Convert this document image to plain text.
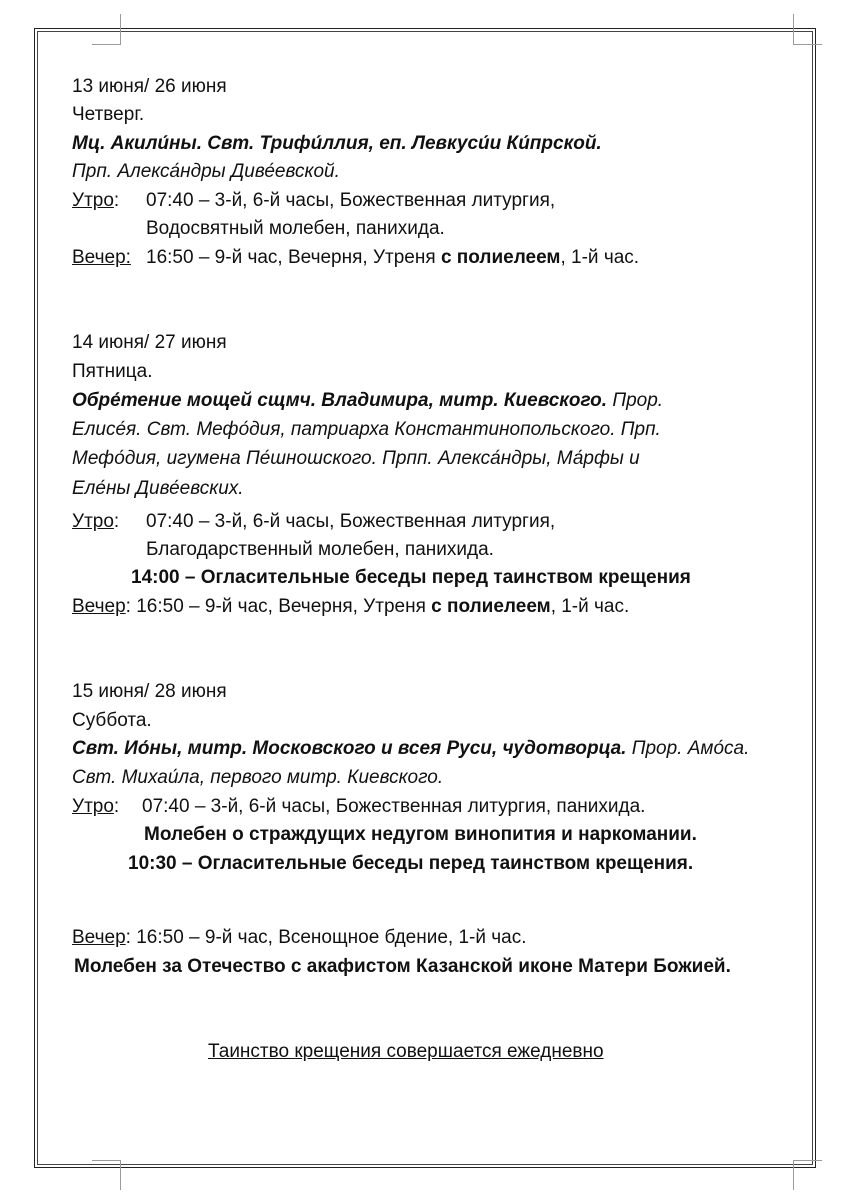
13 июня/ 26 июня
Четверг.
Мц. Акили́ны. Свт. Трифи́ллия, еп. Левкуси́и Ки́прской.
Прп. Алекса́ндры Диве́евской.
Утро: 07:40 – 3-й, 6-й часы, Божественная литургия,
Водосвятный молебен, панихида.
Вечер: 16:50 – 9-й час, Вечерня, Утреня с полиелеем, 1-й час.
14 июня/ 27 июня
Пятница.
Обре́тение мощей сщмч. Владимира, митр. Киевского. Прор.
Елисе́я. Свт. Мефо́дия, патриарха Константинопольского. Прп.
Мефо́дия, игумена Пе́шношского. Прпп. Алекса́ндры, Ма́рфы и
Еле́ны Диве́евских.
Утро: 07:40 – 3-й, 6-й часы, Божественная литургия,
Благодарственный молебен, панихида.
14:00 – Огласительные беседы перед таинством крещения
Вечер: 16:50 – 9-й час, Вечерня, Утреня с полиелеем, 1-й час.
15 июня/ 28 июня
Суббота.
Свт. Ио́ны, митр. Московского и всея Руси, чудотворца. Прор. Амо́са.
Свт. Михаи́ла, первого митр. Киевского.
Утро: 07:40 – 3-й, 6-й часы, Божественная литургия, панихида.
Молебен о страждущих недугом винопития и наркомании.
10:30 – Огласительные беседы перед таинством крещения.
Вечер: 16:50 – 9-й час, Всенощное бдение, 1-й час.
Молебен за Отечество с акафистом Казанской иконе Матери Божией.
Таинство крещения совершается ежедневно
